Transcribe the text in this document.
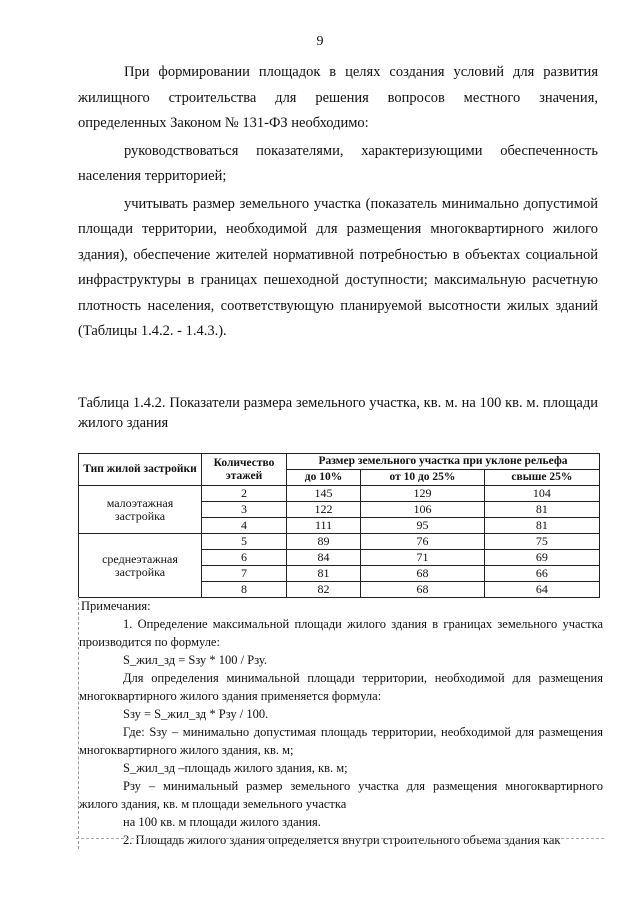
9

При формировании площадок в целях создания условий для развития жилищного строительства для решения вопросов местного значения, определенных Законом № 131-ФЗ необходимо:

руководствоваться показателями, характеризующими обеспеченность населения территорией;

учитывать размер земельного участка (показатель минимально допустимой площади территории, необходимой для размещения многоквартирного жилого здания), обеспечение жителей нормативной потребностью в объектах социальной инфраструктуры в границах пешеходной доступности; максимальную расчетную плотность населения, соответствующую планируемой высотности жилых зданий (Таблицы 1.4.2. - 1.4.3.).

Таблица 1.4.2. Показатели размера земельного участка, кв. м. на 100 кв. м. площади жилого здания
Тип жилой застройки	Количество этажей	Размер земельного участка при уклоне рельефа		
		до 10%	от 10 до 25%	свыше 25%
малоэтажная застройка	2	145	129	104
	3	122	106	81
	4	111	95	81
среднеэтажная застройка	5	89	76	75
	6	84	71	69
	7	81	68	66
	8	82	68	64

Примечания:

1. Определение максимальной площади жилого здания в границах земельного участка производится по формуле:

S_жил_зд = Sзу * 100 / Рзу.

Для определения минимальной площади территории, необходимой для размещения многоквартирного жилого здания применяется формула:

Sзу = S_жил_зд * Рзу / 100.

Где: Sзу – минимально допустимая площадь территории, необходимой для размещения многоквартирного жилого здания, кв. м;

S_жил_зд –площадь жилого здания, кв. м;

Рзу – минимальный размер земельного участка для размещения многоквартирного жилого здания, кв. м площади земельного участка

на 100 кв. м площади жилого здания.

2. Площадь жилого здания определяется внутри строительного объема здания как
